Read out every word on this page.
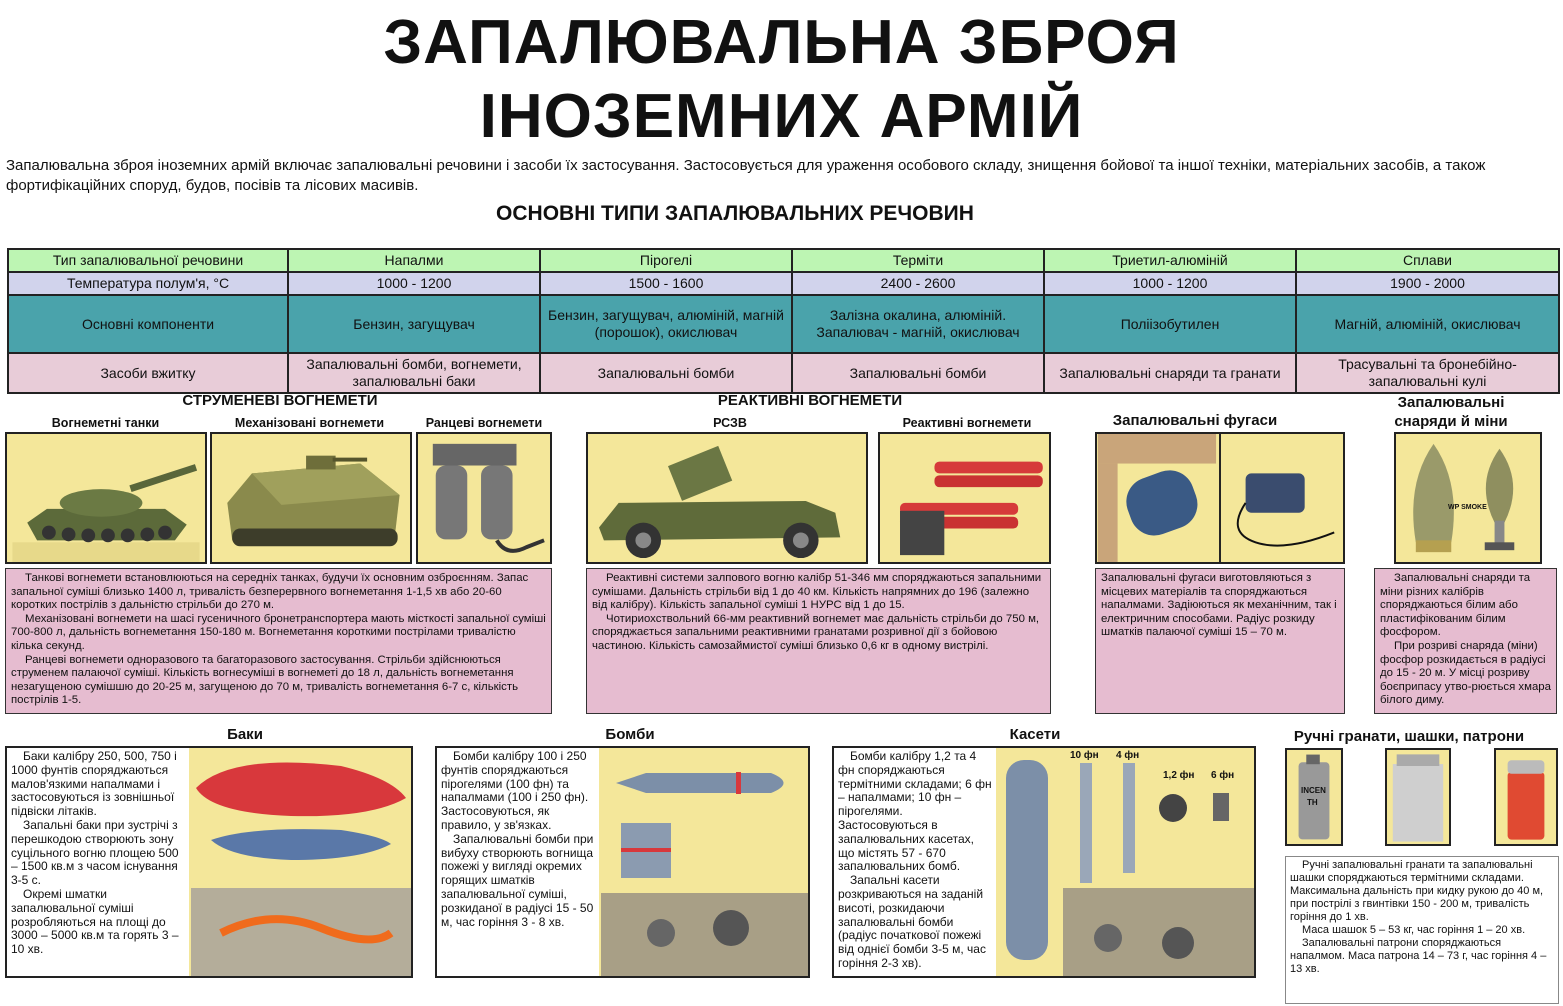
ЗАПАЛЮВАЛЬНА ЗБРОЯ
ІНОЗЕМНИХ АРМІЙ
Запалювальна зброя іноземних армій включає запалювальні речовини і засоби їх застосування. Застосовується для ураження особового складу, знищення бойової та іншої техніки, матеріальних засобів, а також фортифікаційних споруд, будов, посівів та лісових масивів.
ОСНОВНІ ТИПИ ЗАПАЛЮВАЛЬНИХ РЕЧОВИН
Тип запалювальної речовини	Напалми	Пірогелі	Терміти	Триетил-алюміній	Сплави
Температура полум'я, °С	1000 - 1200	1500 - 1600	2400 - 2600	1000 - 1200	1900 - 2000
Основні компоненти	Бензин, загущувач	Бензин, загущувач, алюміній, магній (порошок), окислювач	Залізна окалина, алюміній. Запалювач - магній, окислювач	Поліізобутилен	Магній, алюміній, окислювач
Засоби вжитку	Запалювальні бомби, вогнемети, запалювальні баки	Запалювальні бомби	Запалювальні бомби	Запалювальні снаряди та гранати	Трасувальні та бронебійно-запалювальні кулі
СТРУМЕНЕВІ ВОГНЕМЕТИ
Вогнеметні танки	Механізовані вогнемети	Ранцеві вогнемети

Танкові вогнемети встановлюються на середніх танках, будучи їх основним озброєнням. Запас запальної суміші близько 1400 л, тривалість безперервного вогнеметання 1-1,5 хв або 20-60 коротких пострілів з дальністю стрільби до 270 м.

Механізовані вогнемети на шасі гусеничного бронетранспортера мають місткості запальної суміші 700-800 л, дальність вогнеметання 150-180 м. Вогнеметання короткими пострілами тривалістю кілька секунд.

Ранцеві вогнемети одноразового та багаторазового застосування. Стрільби здійснюються струменем палаючої суміші. Кількість вогнесуміші в вогнеметі до 18 л, дальність вогнеметання незагущеною сумішшю до 20-25 м, загущеною до 70 м, тривалість вогнеметання 6-7 с, кількість пострілів 1-5.

РЕАКТИВНІ ВОГНЕМЕТИ
РСЗВ	Реактивні вогнемети

Реактивні системи залпового вогню калібр 51-346 мм споряджаються запальними сумішами. Дальність стрільби від 1 до 40 км. Кількість напрямних до 196 (залежно від калібру). Кількість запальної суміші 1 НУРС від 1 до 15.

Чотириохствольний 66-мм реактивний вогнемет має дальність стрільби до 750 м, споряджається запальними реактивними гранатами розривної дії з бойовою частиною. Кількість самозаймистої суміші близько 0,6 кг в одному вистрілі.

Запалювальні фугаси

Запалювальні фугаси виготовляються з місцевих матеріалів та споряджаються напалмами. Задіюються як механічним, так і електричним способами. Радіус розкиду шматків палаючої суміші 15 – 70 м.

Запалювальні
снаряди й міни
WP SMOKE

Запалювальні снаряди та міни різних калібрів споряджаються білим або пластифікованим білим фосфором.

При розриві снаряда (міни) фосфор розкидається в радіусі до 15 - 20 м. У місці розриву боєприпасу утво-рюється хмара білого диму.

Баки

Баки калібру 250, 500, 750 і 1000 фунтів споряджаються мал​ов'язкими напалмами і застосовуються із зовнішньої підвіски літаків.

Запальні баки при зустрічі з перешкодою створюють зону суцільного вогню площею 500 – 1500 кв.м з часом існування 3-5 с.

Окремі шматки запалювальної суміші розробляються на площі до 3000 – 5000 кв.м та горять 3 – 10 хв.

Бомби

Бомби калібру 100 і 250 фунтів споряджаються пірогелями (100 фн) та напалмами (100 і 250 фн). Застосовуються, як правило, у зв'язках.

Запалювальні бомби при вибуху створюють вогнища пожежі у вигляді окремих горящих шматків запалювальної суміші, розкиданої в радіусі 15 - 50 м, час горіння 3 - 8 хв.

Касети

Бомби калібру 1,2 та 4 фн споряджаються термітними складами; 6 фн – напалмами; 10 фн – пірогелями. Застосовуються в запалювальних касетах, що містять 57 - 670 запалювальних бомб.

Запальні касети розкриваються на заданій висоті, розкидаючи запалювальні бомби (радіус початкової пожежі від однієї бомби 3-5 м, час горіння 2-3 хв).

10 фн 4 фн
1,2 фн 6 фн
Ручні гранати, шашки, патрони
INCEN
TH

Ручні запалювальні гранати та запалювальні шашки споряджаються термітними складами. Максимальна дальність при кидку рукою до 40 м, при пострілі з гвинтівки 150 - 200 м, тривалість горіння до 1 хв.

Маса шашок 5 – 53 кг, час горіння 1 – 20 хв.

Запалювальні патрони споряджаються напалмом. Маса патрона 14 – 73 г, час горіння 4 – 13 хв.
